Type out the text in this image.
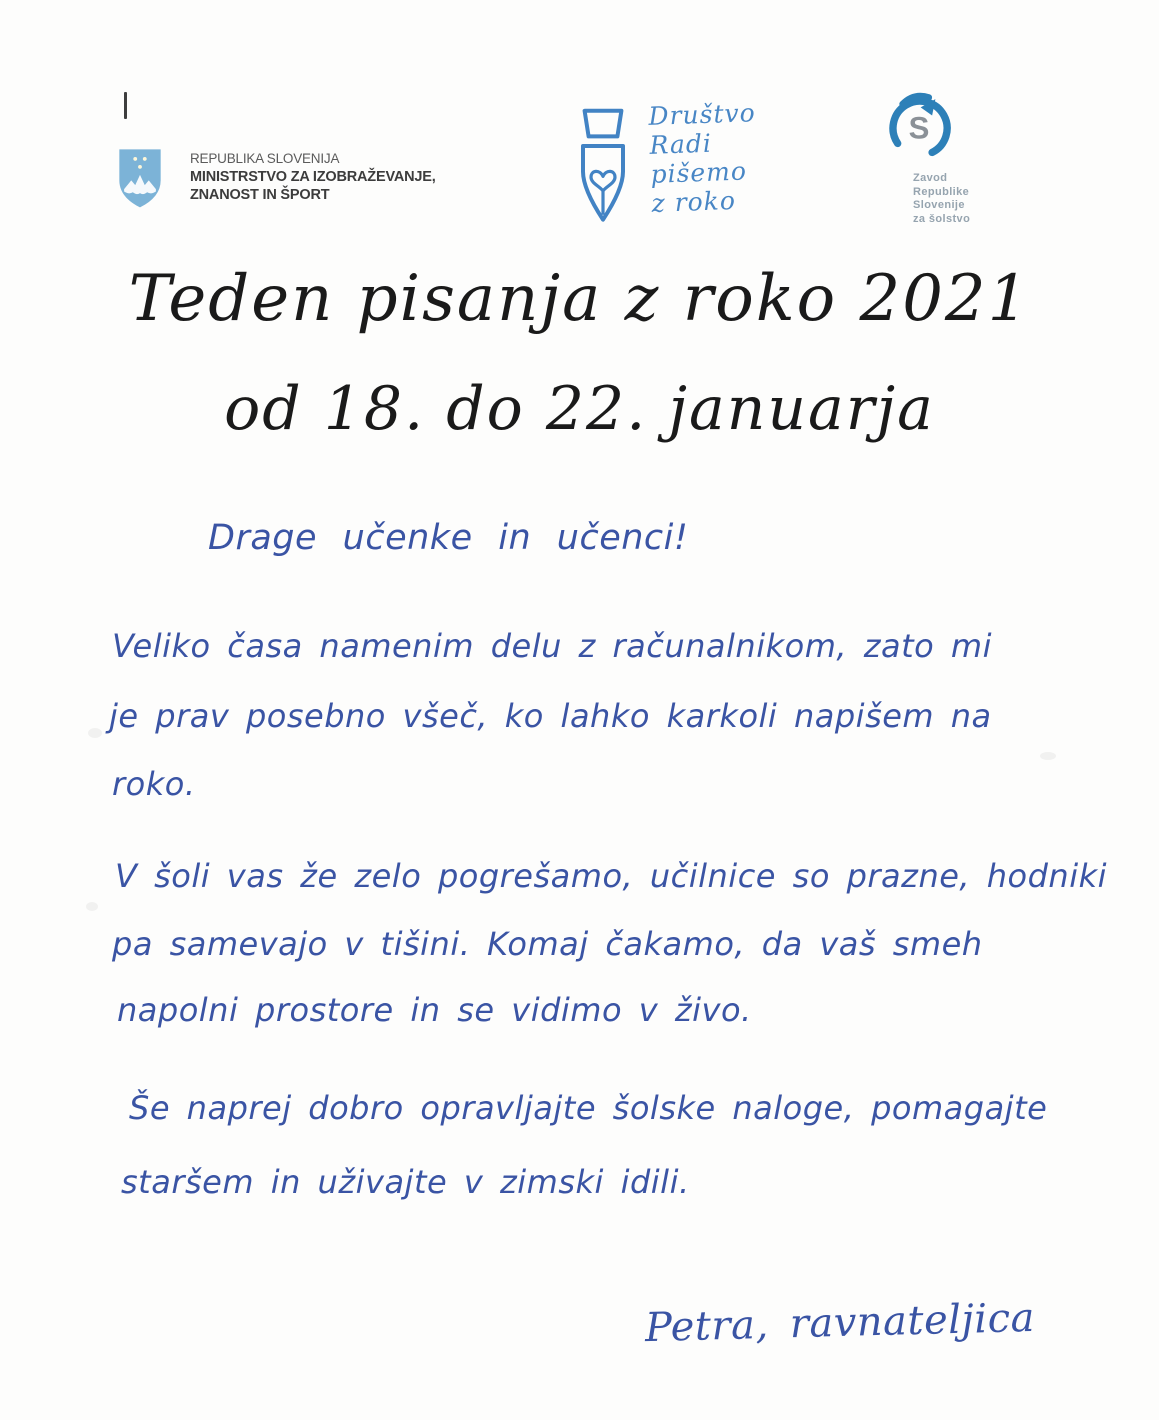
REPUBLIKA SLOVENIJA
MINISTRSTVO ZA IZOBRAŽEVANJE,
ZNANOST IN ŠPORT
Društvo
Radi
pišemo
z roko
S
Zavod
Republike
Slovenije
za šolstvo
Teden pisanja z roko 2021
od 18. do 22. januarja
Drage učenke in učenci!
Veliko časa namenim delu z računalnikom, zato mi
je prav posebno všeč, ko lahko karkoli napišem na
roko.
V šoli vas že zelo pogrešamo, učilnice so prazne, hodniki
pa samevajo v tišini. Komaj čakamo, da vaš smeh
napolni prostore in se vidimo v živo.
Še naprej dobro opravljajte šolske naloge, pomagajte
staršem in uživajte v zimski idili.
Petra, ravnateljica
